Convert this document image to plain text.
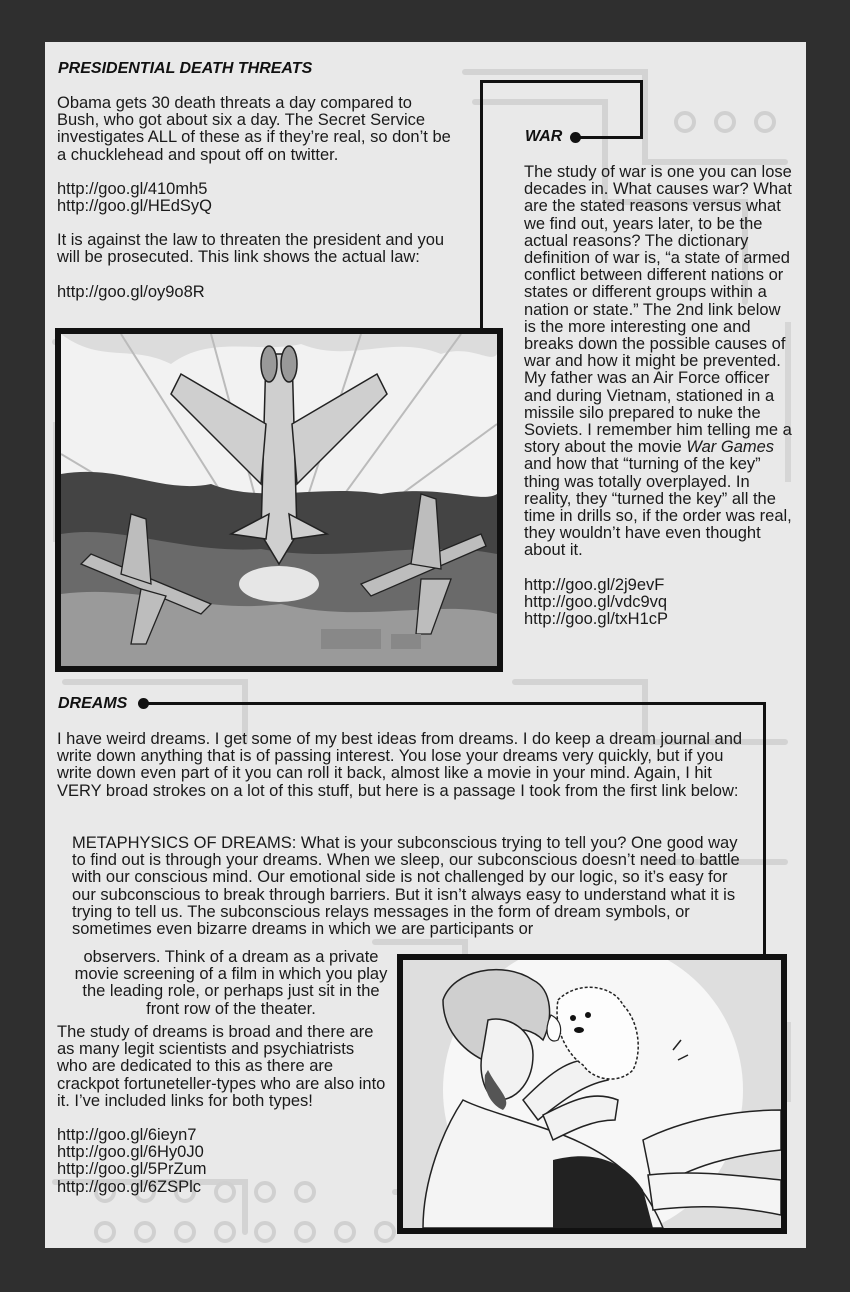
PRESIDENTIAL DEATH THREATS
Obama gets 30 death threats a day compared to Bush, who got about six a day. The Secret Service investigates ALL of these as if they’re real, so don’t be a chucklehead and spout off on twitter.
http://goo.gl/410mh5
http://goo.gl/HEdSyQ
It is against the law to threaten the president and you will be prosecuted. This link shows the actual law:
http://goo.gl/oy9o8R
WAR
The study of war is one you can lose decades in. What causes war? What are the stated reasons versus what we find out, years later, to be the actual reasons? The dictionary definition of war is, “a state of armed conflict between different nations or states or different groups within a nation or state.” The 2nd link below is the more interesting one and breaks down the possible causes of war and how it might be prevented. My father was an Air Force officer and during Vietnam, stationed in a missile silo prepared to nuke the Soviets. I remember him telling me a story about the movie War Games and how that “turning of the key” thing was totally overplayed. In reality, they “turned the key” all the time in drills so, if the order was real, they wouldn’t have even thought about it.
http://goo.gl/2j9evF
http://goo.gl/vdc9vq
http://goo.gl/txH1cP
DREAMS
I have weird dreams. I get some of my best ideas from dreams. I do keep a dream journal and write down anything that is of passing interest. You lose your dreams very quickly, but if you write down even part of it you can roll it back, almost like a movie in your mind. Again, I hit VERY broad strokes on a lot of this stuff, but here is a passage I took from the first link below:
METAPHYSICS OF DREAMS: What is your subconscious trying to tell you? One good way to find out is through your dreams. When we sleep, our subconscious doesn’t need to battle with our conscious mind. Our emotional side is not challenged by our logic, so it’s easy for our subconscious to break through barriers. But it isn’t always easy to understand what it is trying to tell us. The subconscious relays messages in the form of dream symbols, or sometimes even bizarre dreams in which we are participants or
observers. Think of a dream as a private movie screening of a film in which you play the leading role, or perhaps just sit in the front row of the theater.
The study of dreams is broad and there are as many legit scientists and psychiatrists who are dedicated to this as there are crackpot fortuneteller-types who are also into it. I’ve included links for both types!
http://goo.gl/6ieyn7
http://goo.gl/6Hy0J0
http://goo.gl/5PrZum
http://goo.gl/6ZSPlc
